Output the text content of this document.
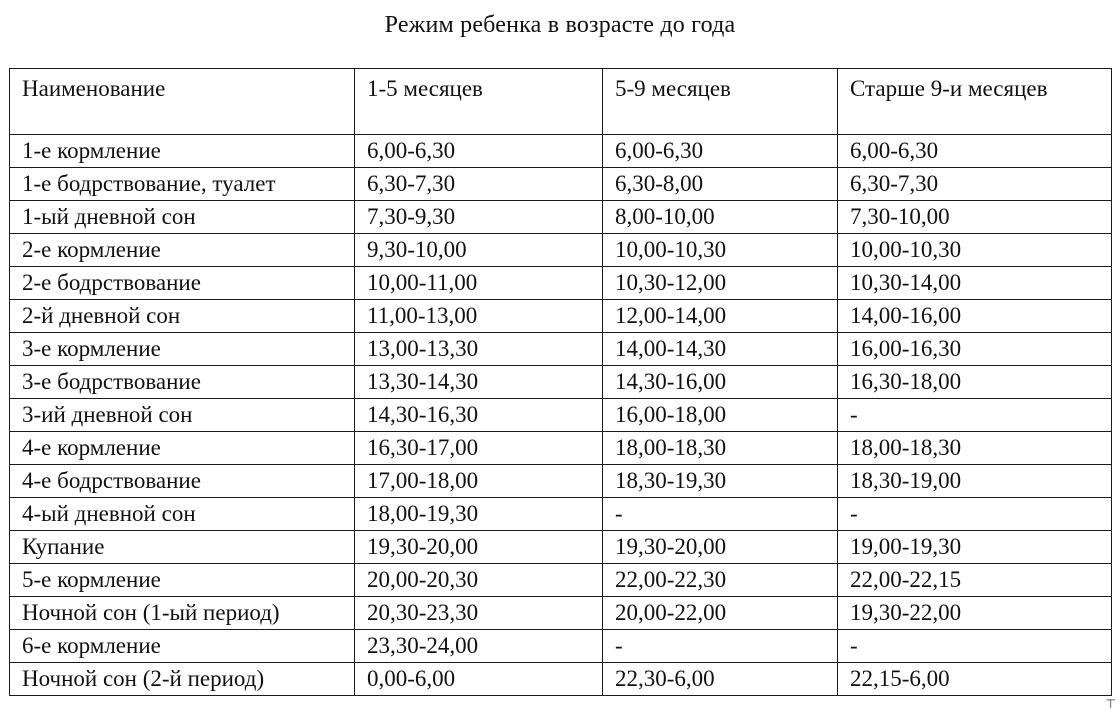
Режим ребенка в возрасте до года
Наименование	1-5 месяцев	5-9 месяцев	Старше 9-и месяцев
1-е кормление	6,00-6,30	6,00-6,30	6,00-6,30
1-е бодрствование, туалет	6,30-7,30	6,30-8,00	6,30-7,30
1-ый дневной сон	7,30-9,30	8,00-10,00	7,30-10,00
2-е кормление	9,30-10,00	10,00-10,30	10,00-10,30
2-е бодрствование	10,00-11,00	10,30-12,00	10,30-14,00
2-й дневной сон	11,00-13,00	12,00-14,00	14,00-16,00
3-е кормление	13,00-13,30	14,00-14,30	16,00-16,30
3-е бодрствование	13,30-14,30	14,30-16,00	16,30-18,00
3-ий дневной сон	14,30-16,30	16,00-18,00	-
4-е кормление	16,30-17,00	18,00-18,30	18,00-18,30
4-е бодрствование	17,00-18,00	18,30-19,30	18,30-19,00
4-ый дневной сон	18,00-19,30	-	-
Купание	19,30-20,00	19,30-20,00	19,00-19,30
5-е кормление	20,00-20,30	22,00-22,30	22,00-22,15
Ночной сон (1-ый период)	20,30-23,30	20,00-22,00	19,30-22,00
6-е кормление	23,30-24,00	-	-
Ночной сон (2-й период)	0,00-6,00	22,30-6,00	22,15-6,00
⊤
